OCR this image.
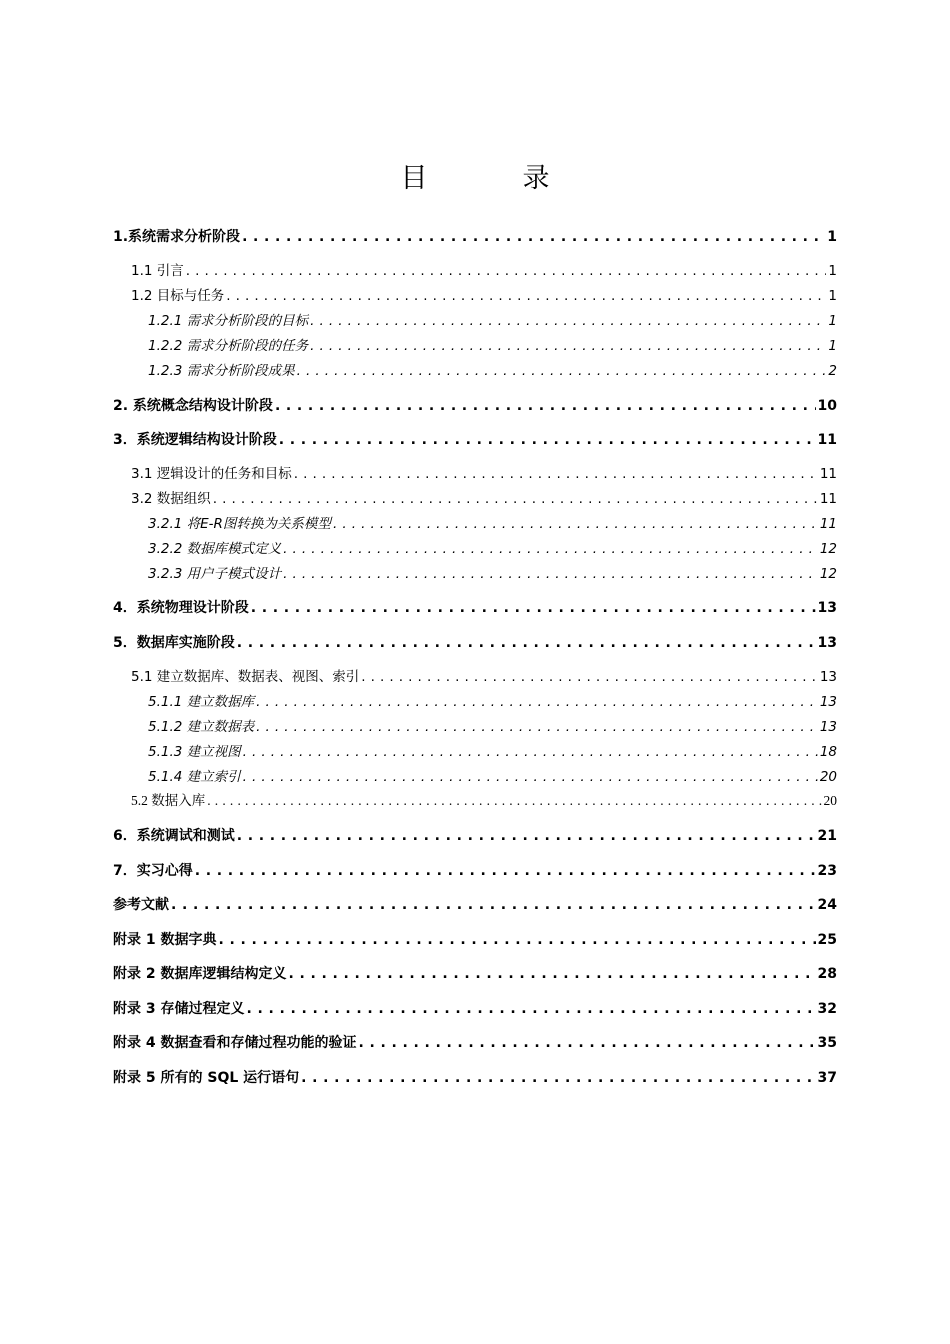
目　录
1.系统需求分析阶段 . . .	1
1.1 引言 . . .	1
1.2 目标与任务 . . .	1
1.2.1 需求分析阶段的目标 . . .	1
1.2.2 需求分析阶段的任务 . . .	1
1.2.3 需求分析阶段成果 . . .	2
2. 系统概念结构设计阶段 . . .	10
3．系统逻辑结构设计阶段 . . .	11
3.1 逻辑设计的任务和目标 . . .	11
3.2 数据组织 . . .	11
3.2.1 将E-R图转换为关系模型 . . .	11
3.2.2 数据库模式定义 . . .	12
3.2.3 用户子模式设计 . . .	12
4．系统物理设计阶段 . . .	13
5．数据库实施阶段 . . .	13
5.1 建立数据库、数据表、视图、索引 . . .	13
5.1.1 建立数据库 . . .	13
5.1.2 建立数据表 . . .	13
5.1.3 建立视图 . . .	18
5.1.4 建立索引 . . .	20
5.2 数据入库 . . .	20
6．系统调试和测试 . . .	21
7．实习心得 . . .	23
参考文献 . . .	24
附录 1 数据字典 . . .	25
附录 2 数据库逻辑结构定义 . . .	28
附录 3 存储过程定义 . . .	32
附录 4 数据查看和存储过程功能的验证 . . .	35
附录 5 所有的 SQL 运行语句 . . .	37
